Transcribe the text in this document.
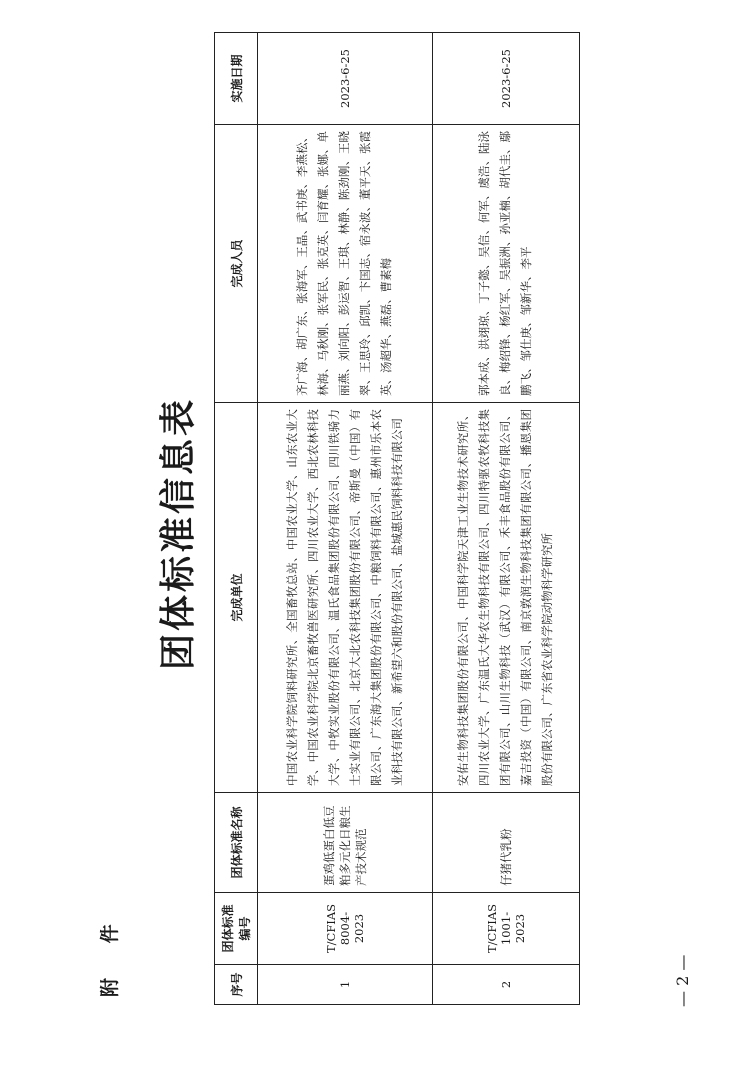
附 件
团体标准信息表
序号	团体标准编号	团体标准名称	完成单位	完成人员	实施日期
1	T/CFIAS 8004-2023	蛋鸡低蛋白低豆粕多元化日粮生产技术规范	中国农业科学院饲料研究所、全国畜牧总站、中国农业大学、山东农业大学、中国农业科学院北京畜牧兽医研究所、四川农业大学、西北农林科技大学、中牧实业股份有限公司、温氏食品集团股份有限公司、四川铁骑力士实业有限公司、北京大北农科技集团股份有限公司、帝斯曼（中国）有限公司、广东海大集团股份有限公司、中粮饲料有限公司、惠州市乐本农业科技有限公司、新希望六和股份有限公司、盐城惠民饲料科技有限公司	齐广海、胡广东、张海军、王晶、武书庚、李燕松、林海、马秋刚、张军民、张克英、闫育耀、张娜、单丽燕、刘向阳、彭运智、王琪、林静、陈劲刚、王晓翠、王思玲、邱凯、卞国志、宿永波、董平天、张霞英、汤超华、燕磊、曹素梅	2023-6-25
2	T/CFIAS 1001-2023	仔猪代乳粉	安佑生物科技集团股份有限公司、中国科学院天津工业生物技术研究所、四川农业大学、广东温氏大华农生物科技有限公司、四川特驱农牧科技集团有限公司、山川生物科技（武汉）有限公司、禾丰食品股份有限公司、嘉吉投资（中国）有限公司、南京敦润生物科技集团有限公司、播恩集团股份有限公司、广东省农业科学院动物科学研究所	郭本成、洪翊琼、丁子懿、吴信、何军、虞浩、陆泳良、梅绍锋、杨红军、吴振洲、孙亚楠、胡代圭、鄢鹏飞、邹仕庚、邹新华、李平	2023-6-25
— 2 —
